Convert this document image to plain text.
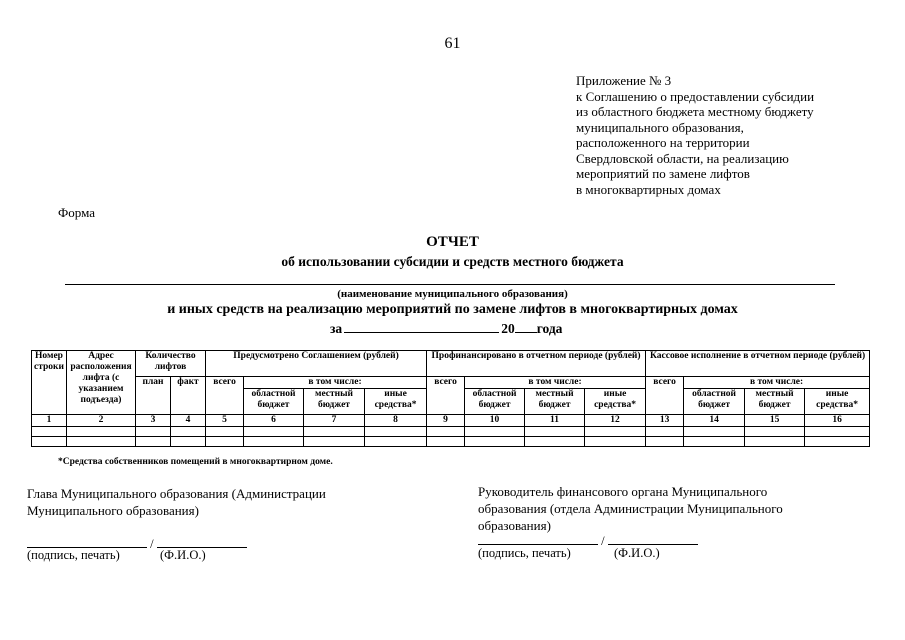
61
Приложение № 3
к Соглашению о предоставлении субсидии
из областного бюджета местному бюджету
муниципального образования,
расположенного на территории
Свердловской области, на реализацию
мероприятий по замене лифтов
в многоквартирных домах
Форма
ОТЧЕТ
об использовании субсидии и средств местного бюджета
(наименование муниципального образования)
и иных средств на реализацию мероприятий по замене лифтов в многоквартирных домах
за	20 года
Номер строки	Адрес расположения лифта (с указанием подъезда)	Количество лифтов		Предусмотрено Соглашением (рублей)				Профинансировано в отчетном периоде (рублей)				Кассовое исполнение в отчетном периоде (рублей)			
		план	факт	всего	в том числе:			всего	в том числе:			всего	в том числе:		
					областной бюджет	местный бюджет	иные средства*		областной бюджет	местный бюджет	иные средства*		областной бюджет	местный бюджет	иные средства*
1	2	3	4	5	6	7	8	9	10	11	12	13	14	15	16

*Средства собственников помещений в многоквартирном доме.
Глава Муниципального образования (Администрации Муниципального образования)
/
(подпись, печать)	(Ф.И.О.)
Руководитель финансового органа Муниципального образования (отдела Администрации Муниципального образования)
/
(подпись, печать)	(Ф.И.О.)
